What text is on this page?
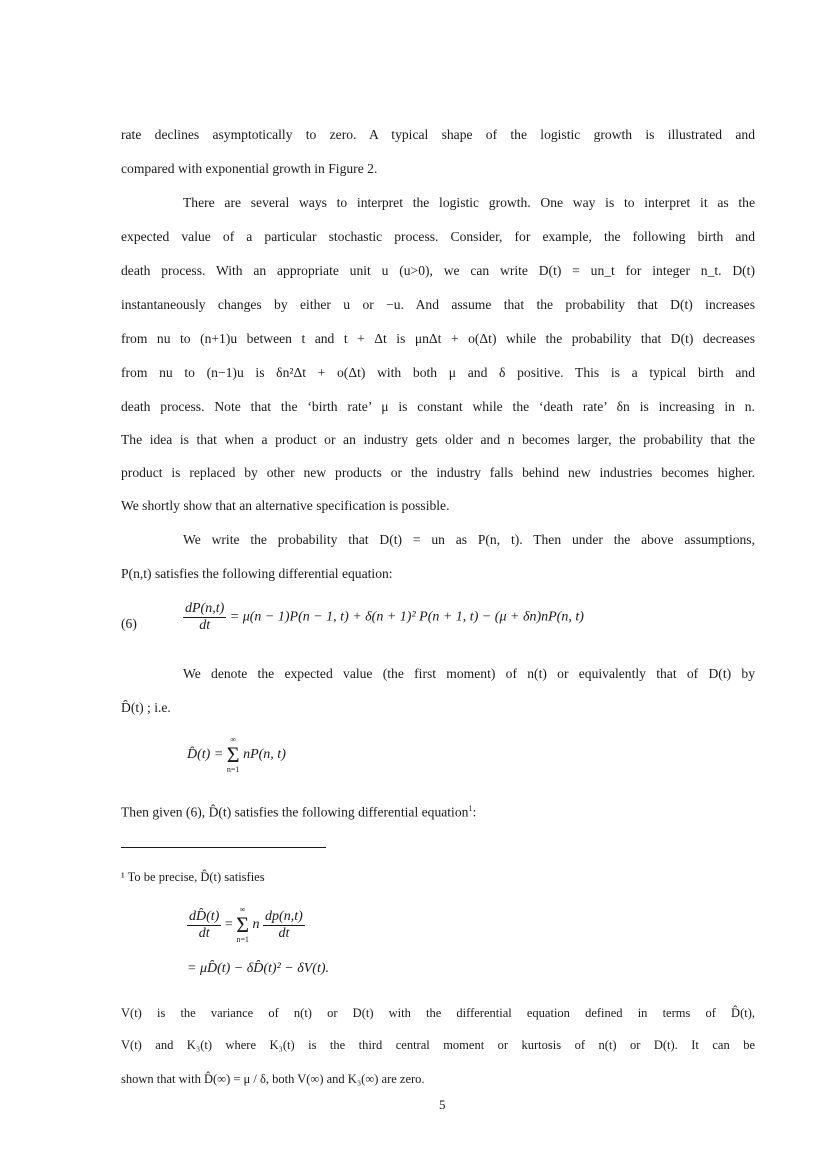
rate declines asymptotically to zero. A typical shape of the logistic growth is illustrated and
compared with exponential growth in Figure 2.
There are several ways to interpret the logistic growth. One way is to interpret it as the
expected value of a particular stochastic process. Consider, for example, the following birth and
death process. With an appropriate unit u (u>0), we can write D(t) = un_t for integer n_t. D(t)
instantaneously changes by either u or −u. And assume that the probability that D(t) increases
from nu to (n+1)u between t and t + Δt is μnΔt + o(Δt) while the probability that D(t) decreases
from nu to (n−1)u is δn²Δt + o(Δt) with both μ and δ positive. This is a typical birth and
death process. Note that the ‘birth rate’ μ is constant while the ‘death rate’ δn is increasing in n.
The idea is that when a product or an industry gets older and n becomes larger, the probability that the
product is replaced by other new products or the industry falls behind new industries becomes higher.
We shortly show that an alternative specification is possible.
We write the probability that D(t) = un as P(n, t). Then under the above assumptions,
P(n,t) satisfies the following differential equation:
(6)	$\frac{dP(n,t)}{dt} = \mu(n - 1)P(n - 1$, t) + δ(n + 1)² P(n + 1, t) − (μ + δn)nP(n, t)
We denote the expected value (the first moment) of n(t) or equivalently that of D(t) by
D̂(t) ; i.e.
D̂(t) =
∞
Σ
n=1
nP(n, t)
Then given (6), D̂(t) satisfies the following differential equation$^1$:
¹ To be precise, D̂(t) satisfies
$\frac{dD̂(t)}{dt}$ =
∞
Σ
n=1
n $\frac{dp(n,t)}{dt}$
= μD̂(t) − δD̂(t)² − δV(t).
V(t) is the variance of n(t) or D(t) with the differential equation defined in terms of D̂(t),
V(t) and K₃(t) where K₃(t) is the third central moment or kurtosis of n(t) or D(t). It can be
shown that with D̂(∞) = μ / δ, both V(∞) and K₃(∞) are zero.
5
